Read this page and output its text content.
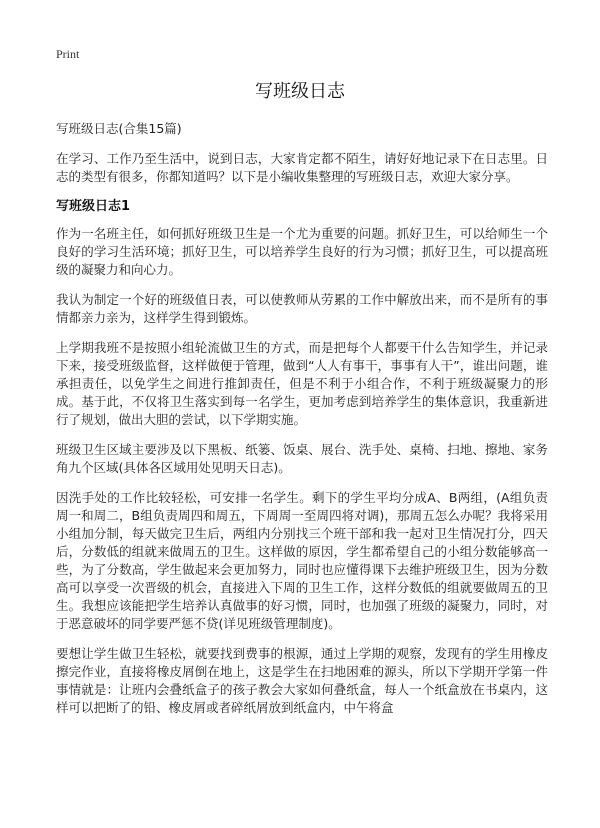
Print
写班级日志

写班级日志(合集15篇)

在学习、工作乃至生活中，说到日志，大家肯定都不陌生，请好好地记录下在日志里。日志的类型有很多，你都知道吗？以下是小编收集整理的写班级日志，欢迎大家分享。

写班级日志1

作为一名班主任，如何抓好班级卫生是一个尤为重要的问题。抓好卫生，可以给师生一个良好的学习生活环境；抓好卫生，可以培养学生良好的行为习惯；抓好卫生，可以提高班级的凝聚力和向心力。

我认为制定一个好的班级值日表，可以使教师从劳累的工作中解放出来，而不是所有的事情都亲力亲为，这样学生得到锻炼。

上学期我班不是按照小组轮流做卫生的方式，而是把每个人都要干什么告知学生，并记录下来，接受班级监督，这样做便于管理，做到“人人有事干，事事有人干”，谁出问题，谁承担责任，以免学生之间进行推卸责任，但是不利于小组合作，不利于班级凝聚力的形成。基于此，不仅将卫生落实到每一名学生，更加考虑到培养学生的集体意识，我重新进行了规划，做出大胆的尝试，以下学期实施。

班级卫生区域主要涉及以下黑板、纸篓、饭桌、展台、洗手处、桌椅、扫地、擦地、家务角九个区域(具体各区域用处见明天日志)。

因洗手处的工作比较轻松，可安排一名学生。剩下的学生平均分成A、B两组，(A组负责周一和周二，B组负责周四和周五，下周周一至周四将对调)，那周五怎么办呢？我将采用小组加分制，每天做完卫生后，两组内分别找三个班干部和我一起对卫生情况打分，四天后，分数低的组就来做周五的卫生。这样做的原因，学生都希望自己的小组分数能够高一些，为了分数高，学生做起来会更加努力，同时也应懂得课下去维护班级卫生，因为分数高可以享受一次晋级的机会，直接进入下周的卫生工作，这样分数低的组就要做周五的卫生。我想应该能把学生培养认真做事的好习惯，同时，也加强了班级的凝聚力，同时，对于恶意破坏的同学要严惩不贷(详见班级管理制度)。

要想让学生做卫生轻松，就要找到费事的根源，通过上学期的观察，发现有的学生用橡皮擦完作业，直接将橡皮屑倒在地上，这是学生在扫地困难的源头，所以下学期开学第一件事情就是：让班内会叠纸盒子的孩子教会大家如何叠纸盒，每人一个纸盒放在书桌内，这样可以把断了的铅、橡皮屑或者碎纸屑放到纸盒内，中午将盒
